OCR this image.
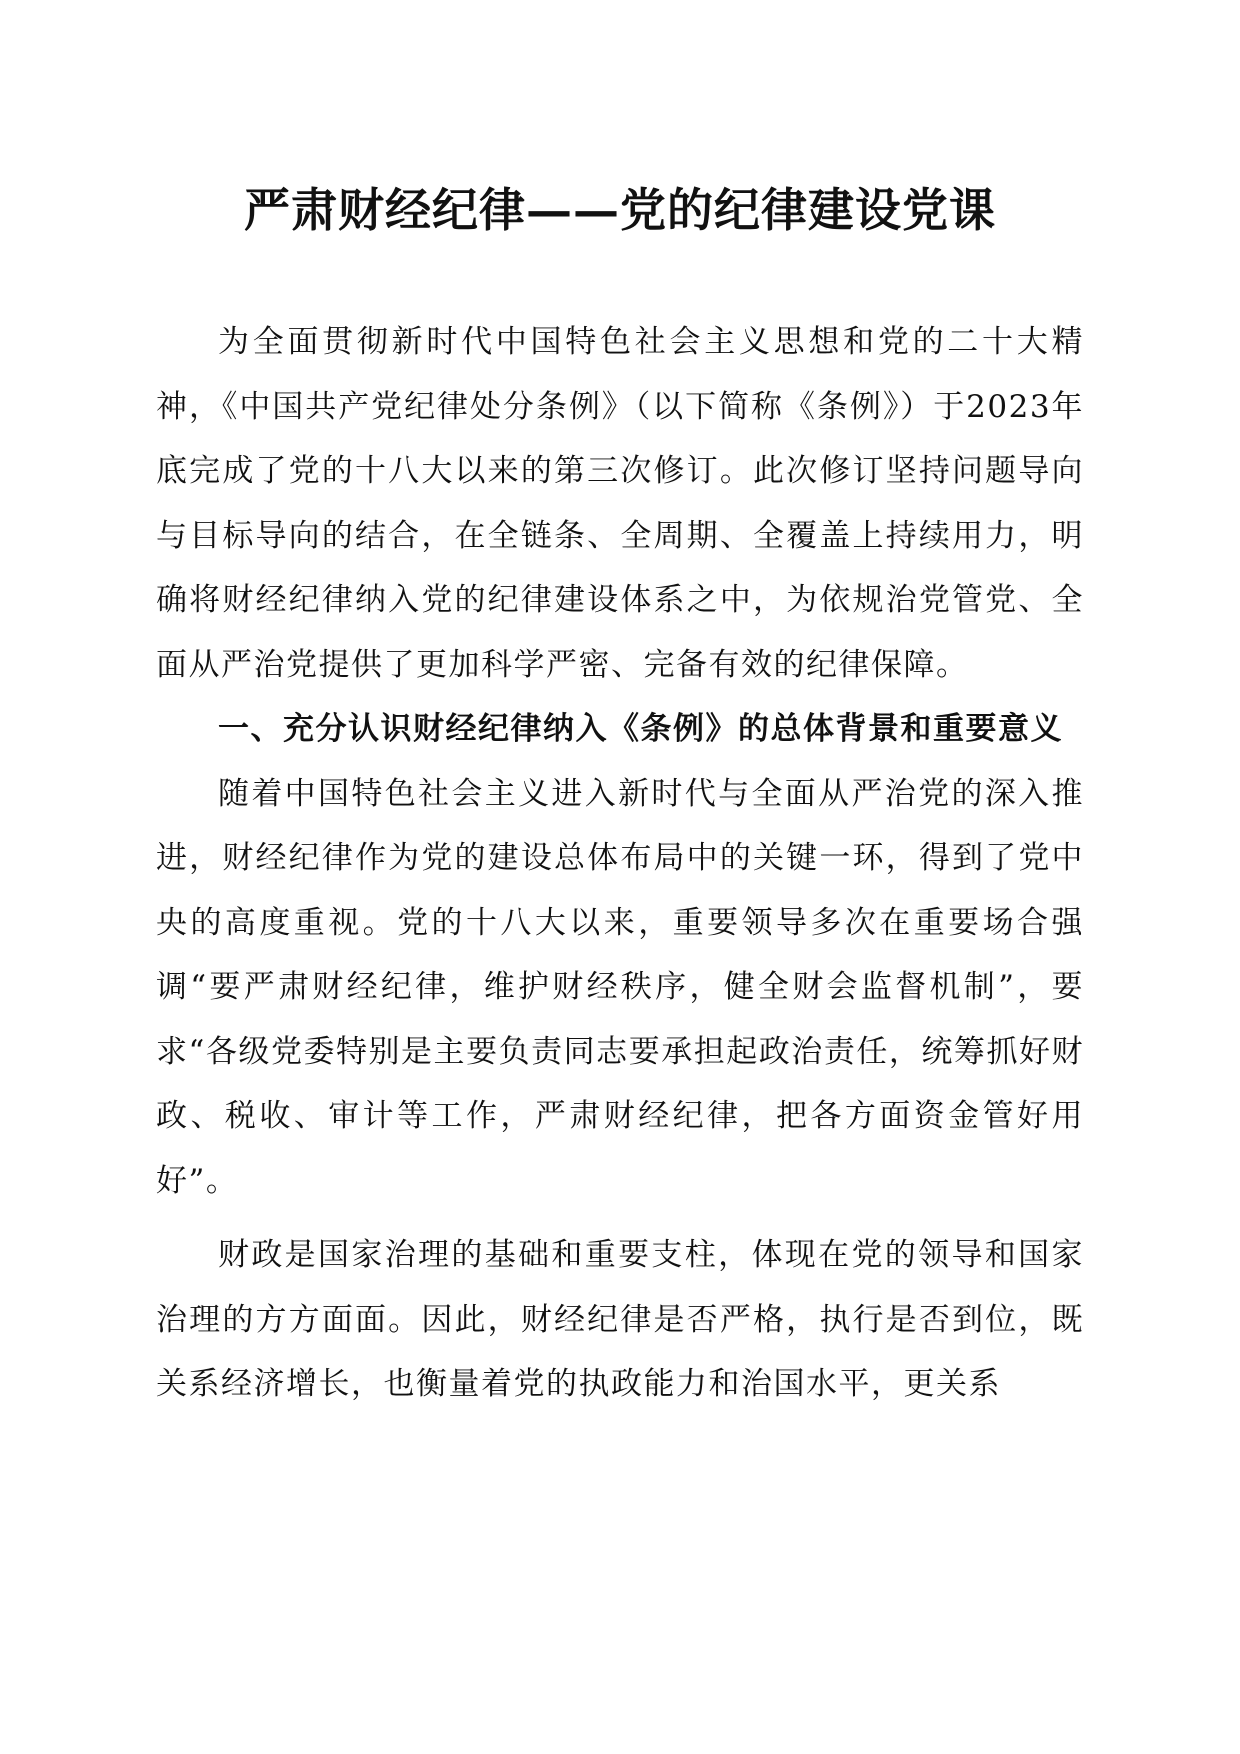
严肃财经纪律——党的纪律建设党课

为全面贯彻新时代中国特色社会主义思想和党的二十大精神，《中国共产党纪律处分条例》（以下简称《条例》）于2023年底完成了党的十八大以来的第三次修订。此次修订坚持问题导向与目标导向的结合，在全链条、全周期、全覆盖上持续用力，明确将财经纪律纳入党的纪律建设体系之中，为依规治党管党、全面从严治党提供了更加科学严密、完备有效的纪律保障。

一、充分认识财经纪律纳入《条例》的总体背景和重要意义

随着中国特色社会主义进入新时代与全面从严治党的深入推进，财经纪律作为党的建设总体布局中的关键一环，得到了党中央的高度重视。党的十八大以来，重要领导多次在重要场合强调“要严肃财经纪律，维护财经秩序，健全财会监督机制”，要求“各级党委特别是主要负责同志要承担起政治责任，统筹抓好财政、税收、审计等工作，严肃财经纪律，把各方面资金管好用好”。

财政是国家治理的基础和重要支柱，体现在党的领导和国家治理的方方面面。因此，财经纪律是否严格，执行是否到位，既关系经济增长，也衡量着党的执政能力和治国水平，更关系
